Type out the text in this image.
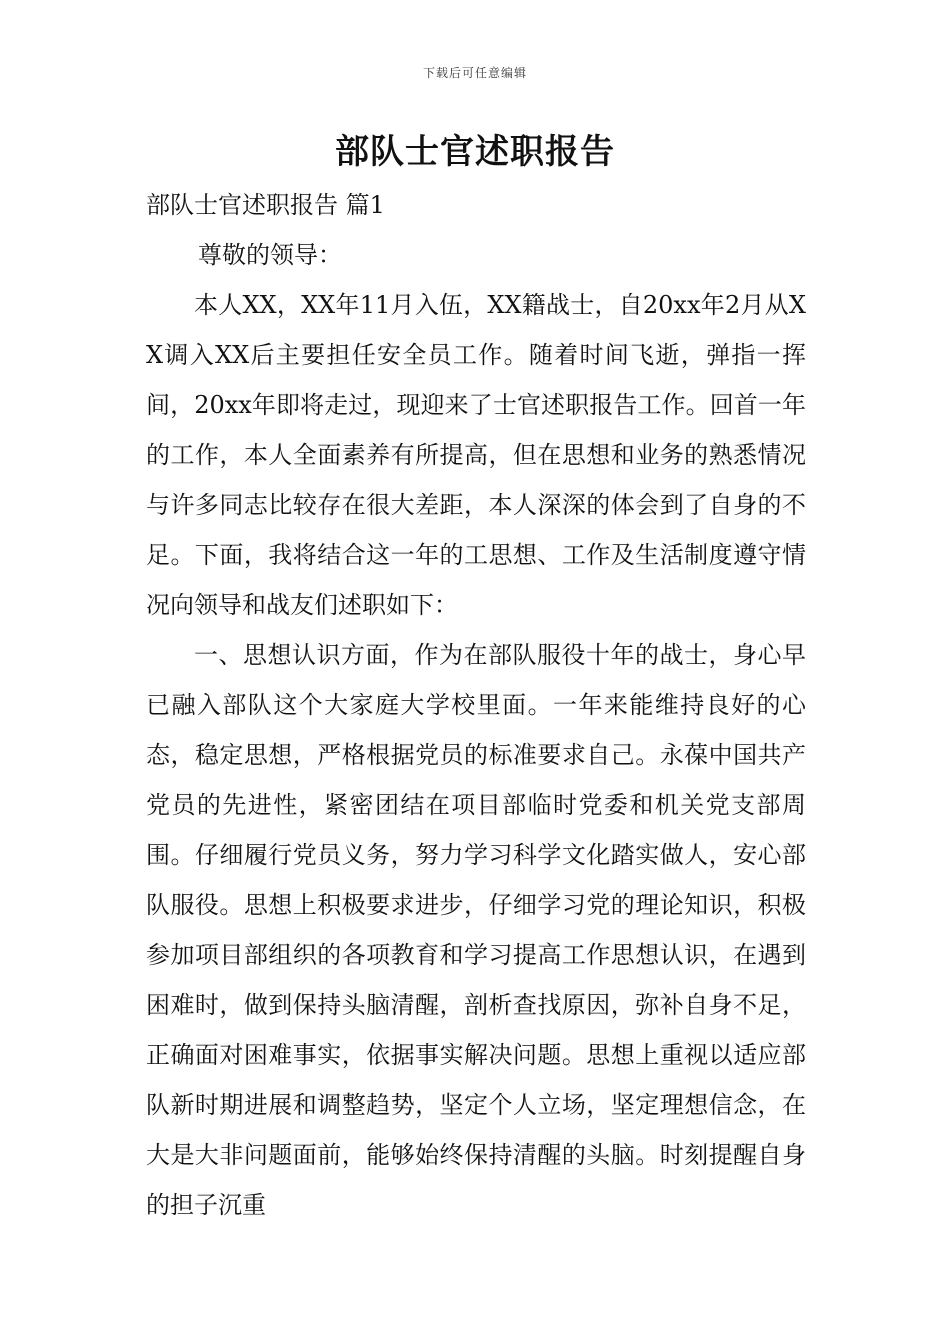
下载后可任意编辑
部队士官述职报告

部队士官述职报告 篇1

尊敬的领导：

本人XX，XX年11月入伍，XX籍战士，自20xx年2月从XX调入XX后主要担任安全员工作。随着时间飞逝，弹指一挥间，20xx年即将走过，现迎来了士官述职报告工作。回首一年的工作，本人全面素养有所提高，但在思想和业务的熟悉情况与许多同志比较存在很大差距，本人深深的体会到了自身的不足。下面，我将结合这一年的工思想、工作及生活制度遵守情况向领导和战友们述职如下：

一、思想认识方面，作为在部队服役十年的战士，身心早已融入部队这个大家庭大学校里面。一年来能维持良好的心态，稳定思想，严格根据党员的标准要求自己。永葆中国共产党员的先进性，紧密团结在项目部临时党委和机关党支部周围。仔细履行党员义务，努力学习科学文化踏实做人，安心部队服役。思想上积极要求进步，仔细学习党的理论知识，积极参加项目部组织的各项教育和学习提高工作思想认识，在遇到困难时，做到保持头脑清醒，剖析查找原因，弥补自身不足，正确面对困难事实，依据事实解决问题。思想上重视以适应部队新时期进展和调整趋势，坚定个人立场，坚定理想信念，在大是大非问题面前，能够始终保持清醒的头脑。时刻提醒自身的担子沉重
